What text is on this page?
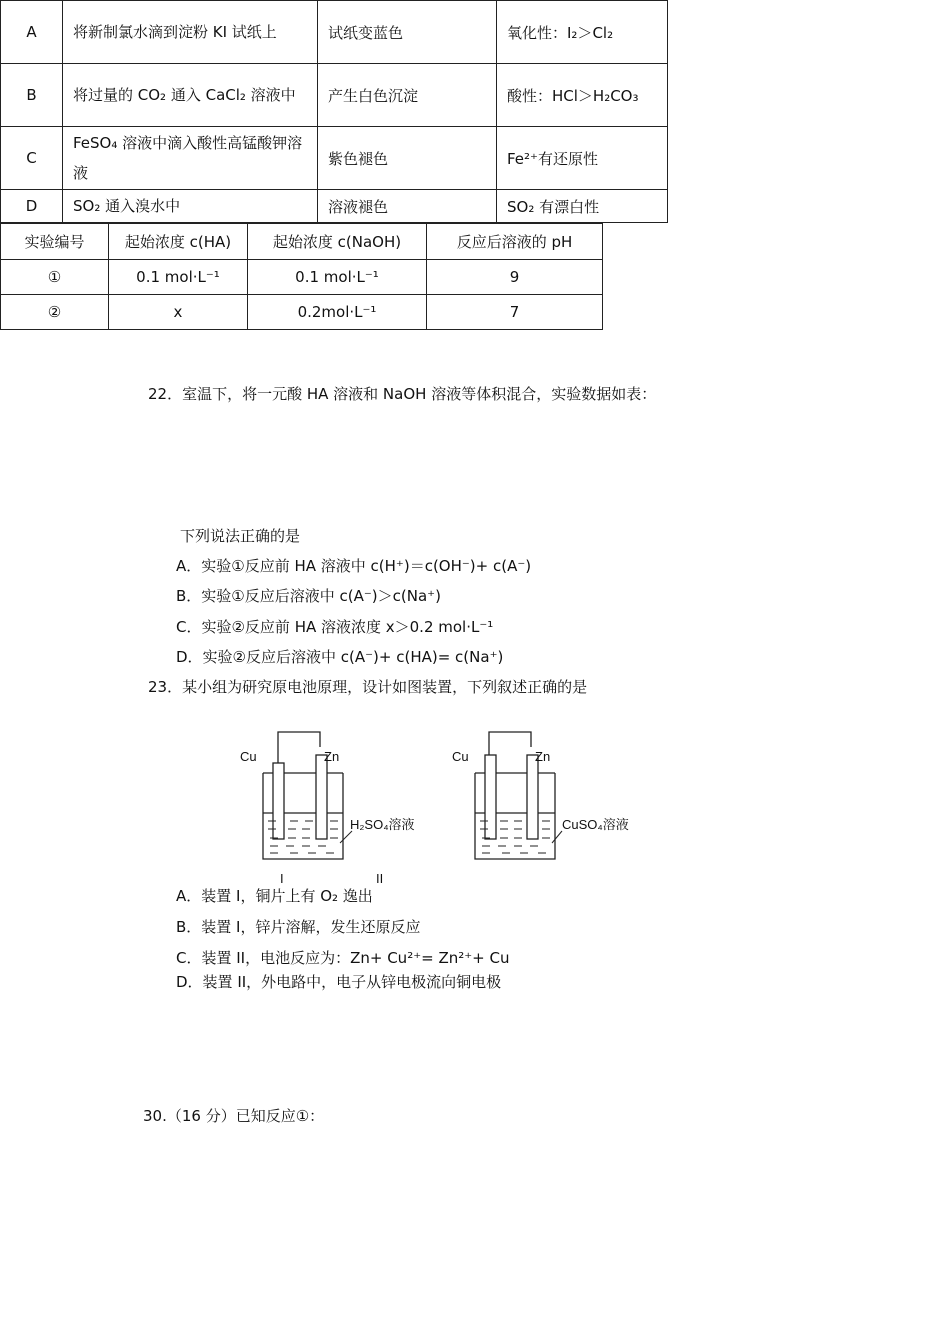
A	将新制氯水滴到淀粉 KI 试纸上	试纸变蓝色	氧化性：I₂＞Cl₂
B	将过量的 CO₂ 通入 CaCl₂ 溶液中	产生白色沉淀	酸性：HCl＞H₂CO₃
C	FeSO₄ 溶液中滴入酸性高锰酸钾溶液	紫色褪色	Fe²⁺有还原性
D	SO₂ 通入溴水中	溶液褪色	SO₂ 有漂白性
22．室温下，将一元酸 HA 溶液和 NaOH 溶液等体积混合，实验数据如表：
实验编号	起始浓度 c(HA)	起始浓度 c(NaOH)	反应后溶液的 pH
①	0.1 mol·L⁻¹	0.1 mol·L⁻¹	9
②	x	0.2mol·L⁻¹	7
下列说法正确的是
A．实验①反应前 HA 溶液中 c(H⁺)＝c(OH⁻)+ c(A⁻)
B．实验①反应后溶液中 c(A⁻)＞c(Na⁺)
C．实验②反应前 HA 溶液浓度 x＞0.2 mol·L⁻¹
D．实验②反应后溶液中 c(A⁻)+ c(HA)= c(Na⁺)
23．某小组为研究原电池原理，设计如图装置，下列叙述正确的是
Cu	Zn
H₂SO₄溶液
I
Cu	Zn
CuSO₄溶液
II
A．装置 I，铜片上有 O₂ 逸出
B．装置 I，锌片溶解，发生还原反应
C．装置 II，电池反应为：Zn+ Cu²⁺= Zn²⁺+ Cu
D．装置 II，外电路中，电子从锌电极流向铜电极
30.（16 分）已知反应①：
